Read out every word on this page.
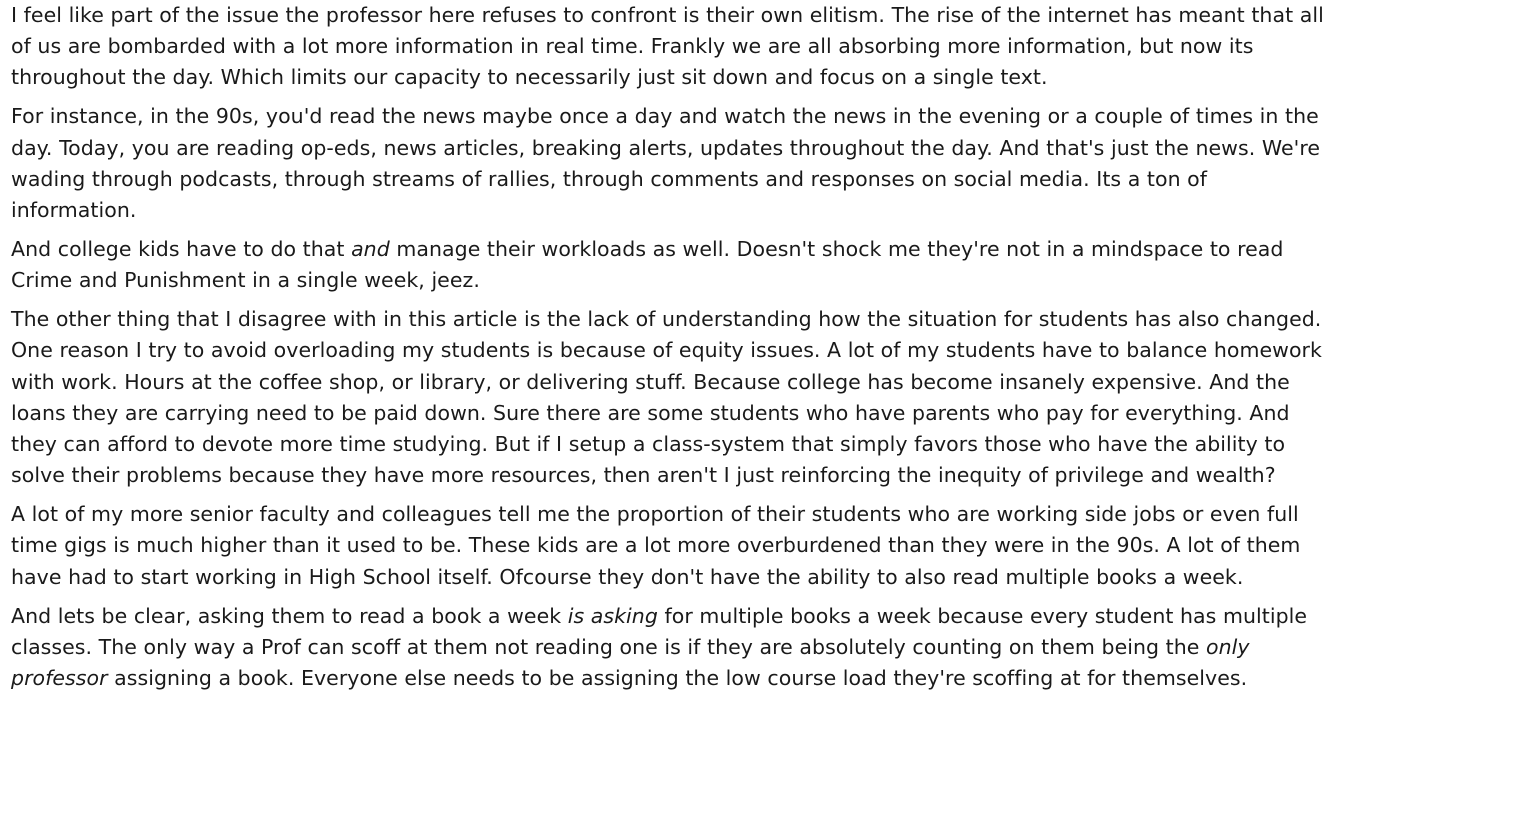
I feel like part of the issue the professor here refuses to confront is their own elitism. The rise of the internet has meant that all of us are bombarded with a lot more information in real time. Frankly we are all absorbing more information, but now its throughout the day. Which limits our capacity to necessarily just sit down and focus on a single text.

For instance, in the 90s, you'd read the news maybe once a day and watch the news in the evening or a couple of times in the day. Today, you are reading op-eds, news articles, breaking alerts, updates throughout the day. And that's just the news. We're wading through podcasts, through streams of rallies, through comments and responses on social media. Its a ton of information.

And college kids have to do that and manage their workloads as well. Doesn't shock me they're not in a mindspace to read Crime and Punishment in a single week, jeez.

The other thing that I disagree with in this article is the lack of understanding how the situation for students has also changed. One reason I try to avoid overloading my students is because of equity issues. A lot of my students have to balance homework with work. Hours at the coffee shop, or library, or delivering stuff. Because college has become insanely expensive. And the loans they are carrying need to be paid down. Sure there are some students who have parents who pay for everything. And they can afford to devote more time studying. But if I setup a class-system that simply favors those who have the ability to solve their problems because they have more resources, then aren't I just reinforcing the inequity of privilege and wealth?

A lot of my more senior faculty and colleagues tell me the proportion of their students who are working side jobs or even full time gigs is much higher than it used to be. These kids are a lot more overburdened than they were in the 90s. A lot of them have had to start working in High School itself. Ofcourse they don't have the ability to also read multiple books a week.

And lets be clear, asking them to read a book a week is asking for multiple books a week because every student has multiple classes. The only way a Prof can scoff at them not reading one is if they are absolutely counting on them being the only professor assigning a book. Everyone else needs to be assigning the low course load they're scoffing at for themselves.
